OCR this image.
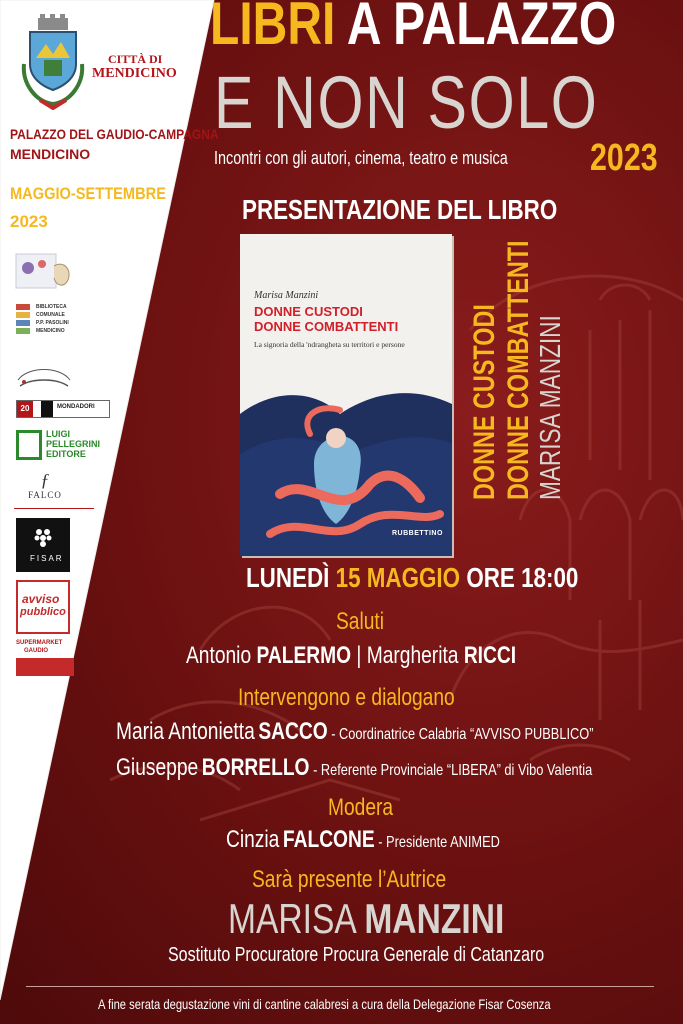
CITTÀ DI
MENDICINO
PALAZZO DEL GAUDIO-CAMPAGNA
MENDICINO
MAGGIO-SETTEMBRE
2023
BIBLIOTECA
COMUNALE
P.P. PASOLINI
MENDICINO
20	MONDADORI
LUIGI
PELLEGRINI
EDITORE
ƒ
FALCO
FISAR
avviso
pubblico
SUPERMARKET
GAUDIO
LIBRI A PALAZZO
E NON SOLO
Incontri con gli autori, cinema, teatro e musica 2023
PRESENTAZIONE DEL LIBRO
Marisa Manzini
DONNE CUSTODI
DONNE COMBATTENTI
La signoria della 'ndrangheta su territori e persone
RUBBETTINO
DONNE CUSTODI DONNE COMBATTENTI MARISA MANZINI
LUNEDÌ 15 MAGGIO ORE 18:00
Saluti
Antonio PALERMO | Margherita RICCI
Intervengono e dialogano
Maria Antonietta SACCO - Coordinatrice Calabria “AVVISO PUBBLICO”
Giuseppe BORRELLO - Referente Provinciale “LIBERA” di Vibo Valentia
Modera
Cinzia FALCONE - Presidente ANIMED
Sarà presente l’Autrice
MARISA MANZINI
Sostituto Procuratore Procura Generale di Catanzaro
A fine serata degustazione vini di cantine calabresi a cura della Delegazione Fisar Cosenza
